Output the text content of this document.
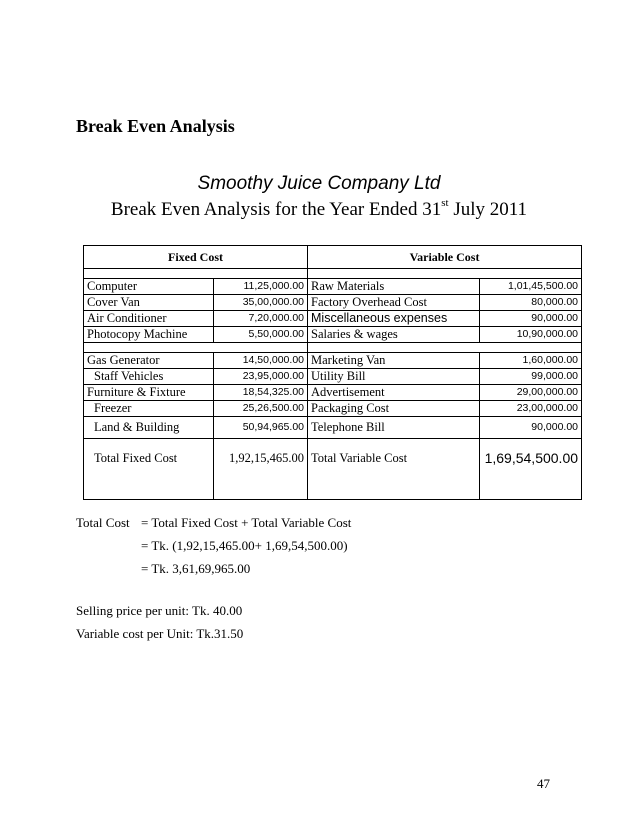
Break Even Analysis
Smoothy Juice Company Ltd
Break Even Analysis for the Year Ended 31st July 2011
Fixed Cost		Variable Cost	

Computer	11,25,000.00	Raw Materials	1,01,45,500.00
Cover Van	35,00,000.00	Factory Overhead Cost	80,000.00
Air Conditioner	7,20,000.00	Miscellaneous expenses	90,000.00
Photocopy Machine	5,50,000.00	Salaries & wages	10,90,000.00

Gas Generator	14,50,000.00	Marketing Van	1,60,000.00
Staff Vehicles	23,95,000.00	Utility Bill	99,000.00
Furniture & Fixture	18,54,325.00	Advertisement	29,00,000.00
Freezer	25,26,500.00	Packaging Cost	23,00,000.00
Land & Building	50,94,965.00	Telephone Bill	90,000.00
Total Fixed Cost	1,92,15,465.00	Total Variable Cost	1,69,54,500.00

Total Cost = Total Fixed Cost + Total Variable Cost
= Tk. (1,92,15,465.00+ 1,69,54,500.00)
= Tk. 3,61,69,965.00
Selling price per unit: Tk. 40.00
Variable cost per Unit: Tk.31.50
47
